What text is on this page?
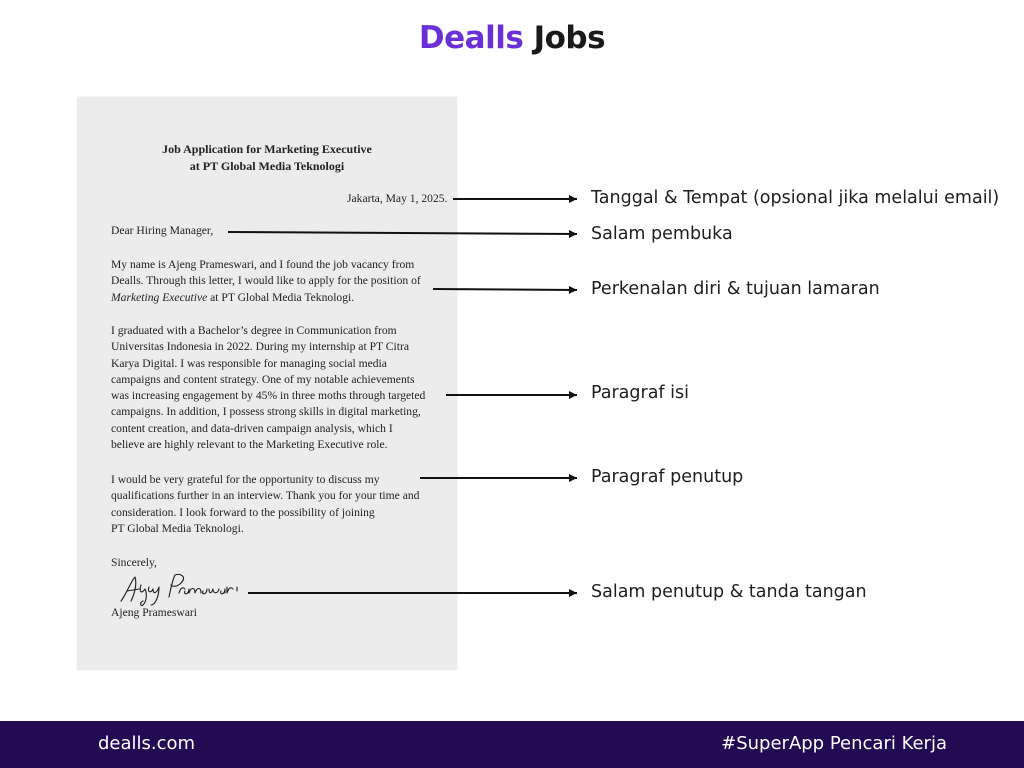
Dealls Jobs
Job Application for Marketing Executive
at PT Global Media Teknologi
Jakarta, May 1, 2025.
Dear Hiring Manager,
My name is Ajeng Prameswari, and I found the job vacancy from
Dealls. Through this letter, I would like to apply for the position of
Marketing Executive at PT Global Media Teknologi.
I graduated with a Bachelor’s degree in Communication from
Universitas Indonesia in 2022. During my internship at PT Citra
Karya Digital. I was responsible for managing social media
campaigns and content strategy. One of my notable achievements
was increasing engagement by 45% in three moths through targeted
campaigns. In addition, I possess strong skills in digital marketing,
content creation, and data-driven campaign analysis, which I
believe are highly relevant to the Marketing Executive role.
I would be very grateful for the opportunity to discuss my
qualifications further in an interview. Thank you for your time and
consideration. I look forward to the possibility of joining
PT Global Media Teknologi.
Sincerely,
Ajeng Prameswari
Tanggal & Tempat (opsional jika melalui email)
Salam pembuka
Perkenalan diri & tujuan lamaran
Paragraf isi
Paragraf penutup
Salam penutup & tanda tangan
dealls.com	#SuperApp Pencari Kerja
